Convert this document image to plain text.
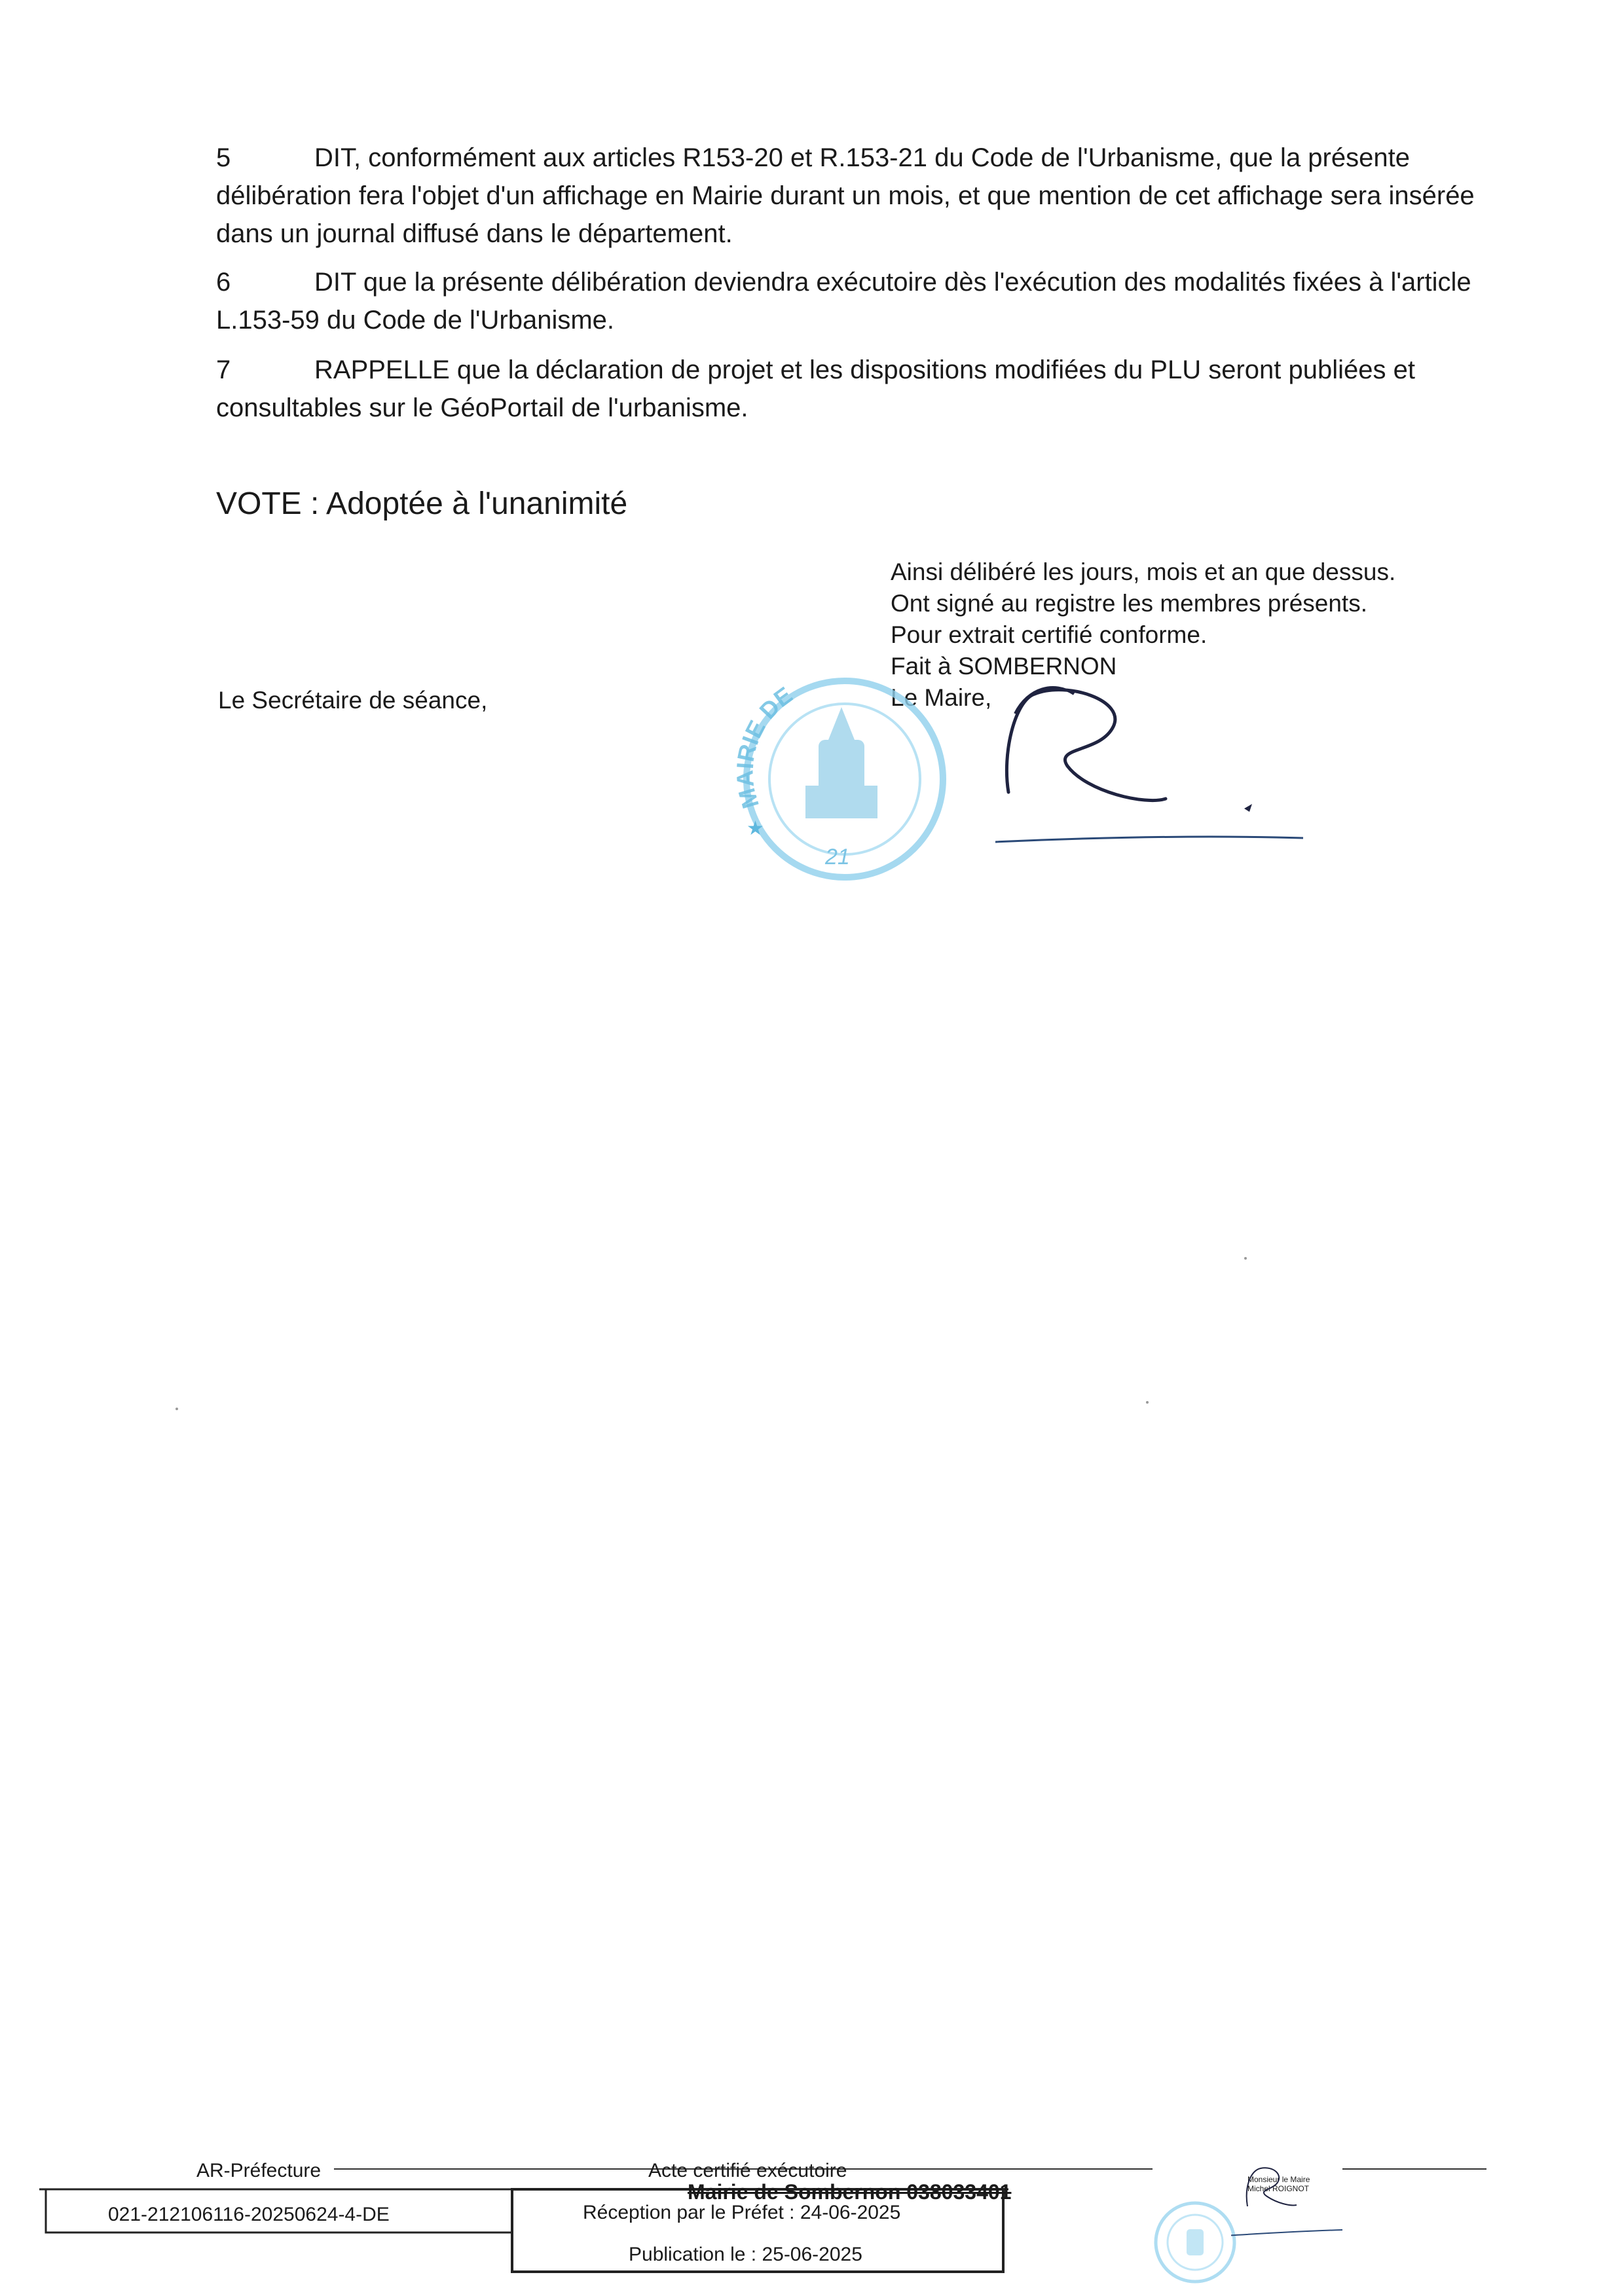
5	DIT, conformément aux articles R153-20 et R.153-21 du Code de l'Urbanisme, que la présente délibération fera l'objet d'un affichage en Mairie durant un mois, et que mention de cet affichage sera insérée dans un journal diffusé dans le département.
6	DIT que la présente délibération deviendra exécutoire dès l'exécution des modalités fixées à l'article L.153-59 du Code de l'Urbanisme.
7	RAPPELLE que la déclaration de projet et les dispositions modifiées du PLU seront publiées et consultables sur le GéoPortail de l'urbanisme.
VOTE : Adoptée à l'unanimité
Ainsi délibéré les jours, mois et an que dessus.
Ont signé au registre les membres présents.
Pour extrait certifié conforme.
Fait à SOMBERNON
Le Maire,
Le Secrétaire de séance,
MAIRIE DE
21
★
AR-Préfecture	Acte certifié exécutoire
Mairie de Sombernon 038033401
021-212106116-20250624-4-DE	Réception par le Préfet : 24-06-2025
Publication le : 25-06-2025
Monsieur le Maire
Michel ROIGNOT
